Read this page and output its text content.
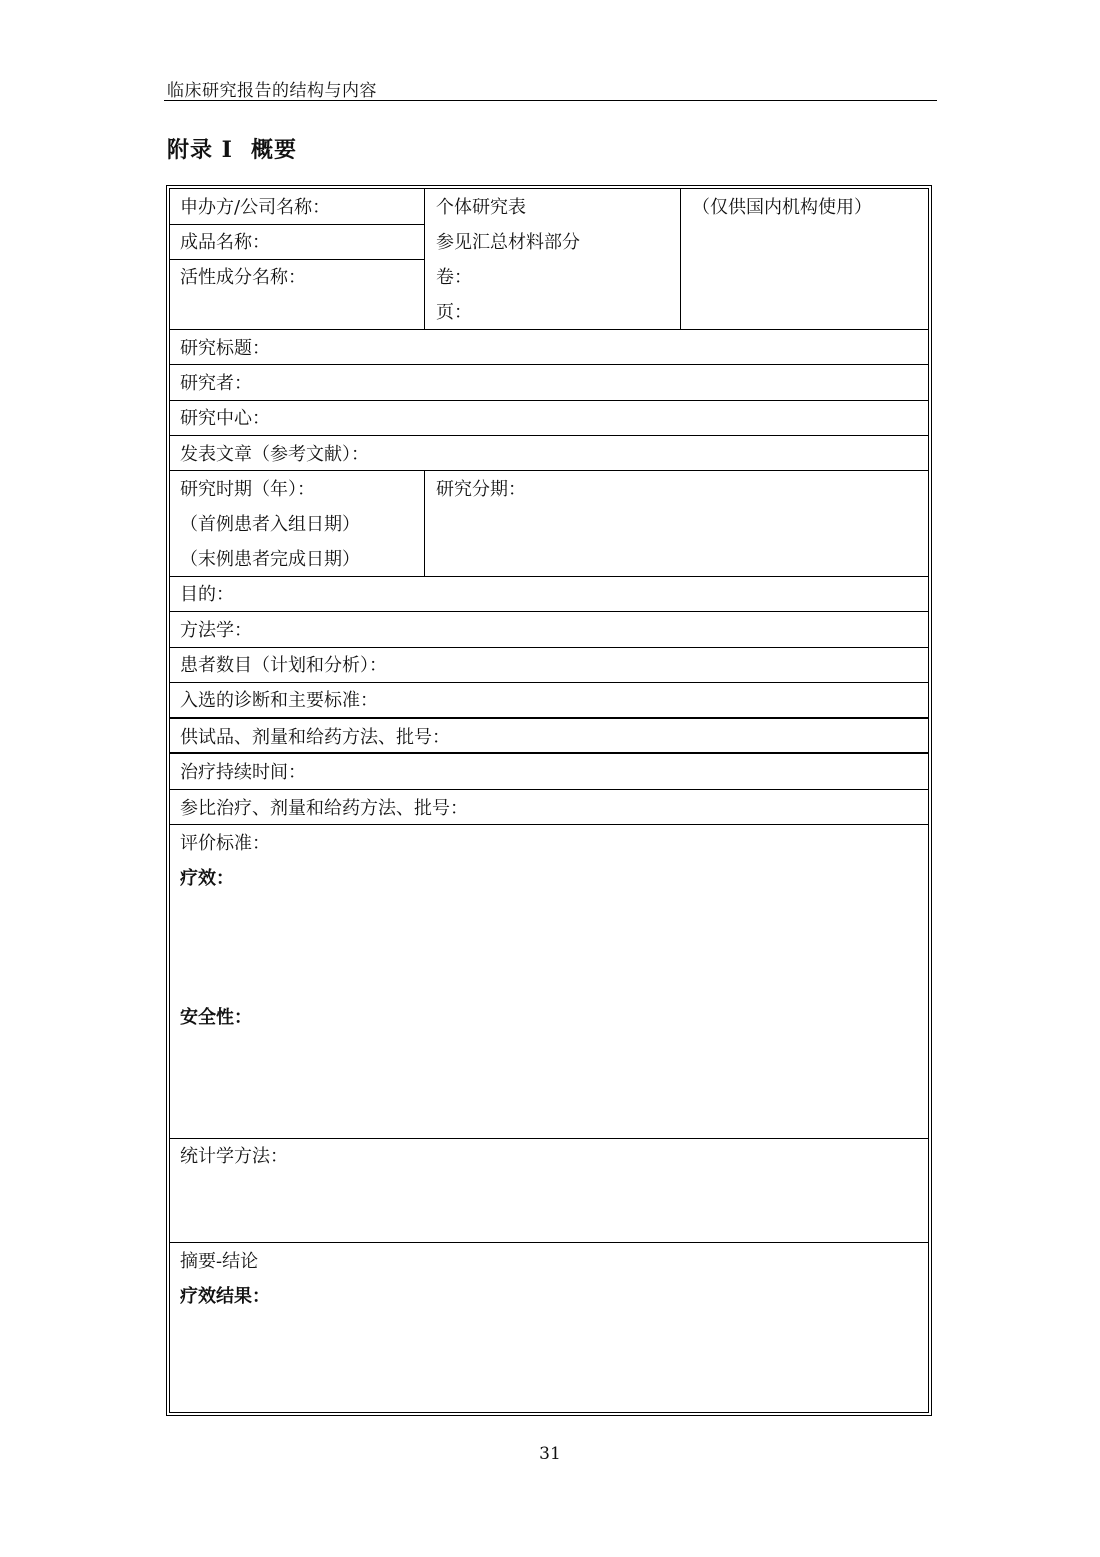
临床研究报告的结构与内容
附录 I 概要
申办方/公司名称：
成品名称：
活性成分名称：
个体研究表
参见汇总材料部分
卷：
页：
（仅供国内机构使用）
研究标题：
研究者：
研究中心：
发表文章（参考文献）：
研究时期（年）：
（首例患者入组日期）
（末例患者完成日期）
研究分期：
目的：
方法学：
患者数目（计划和分析）：
入选的诊断和主要标准：
供试品、剂量和给药方法、批号：
治疗持续时间：
参比治疗、剂量和给药方法、批号：
评价标准：
疗效：
安全性：
统计学方法：
摘要-结论
疗效结果：
31
